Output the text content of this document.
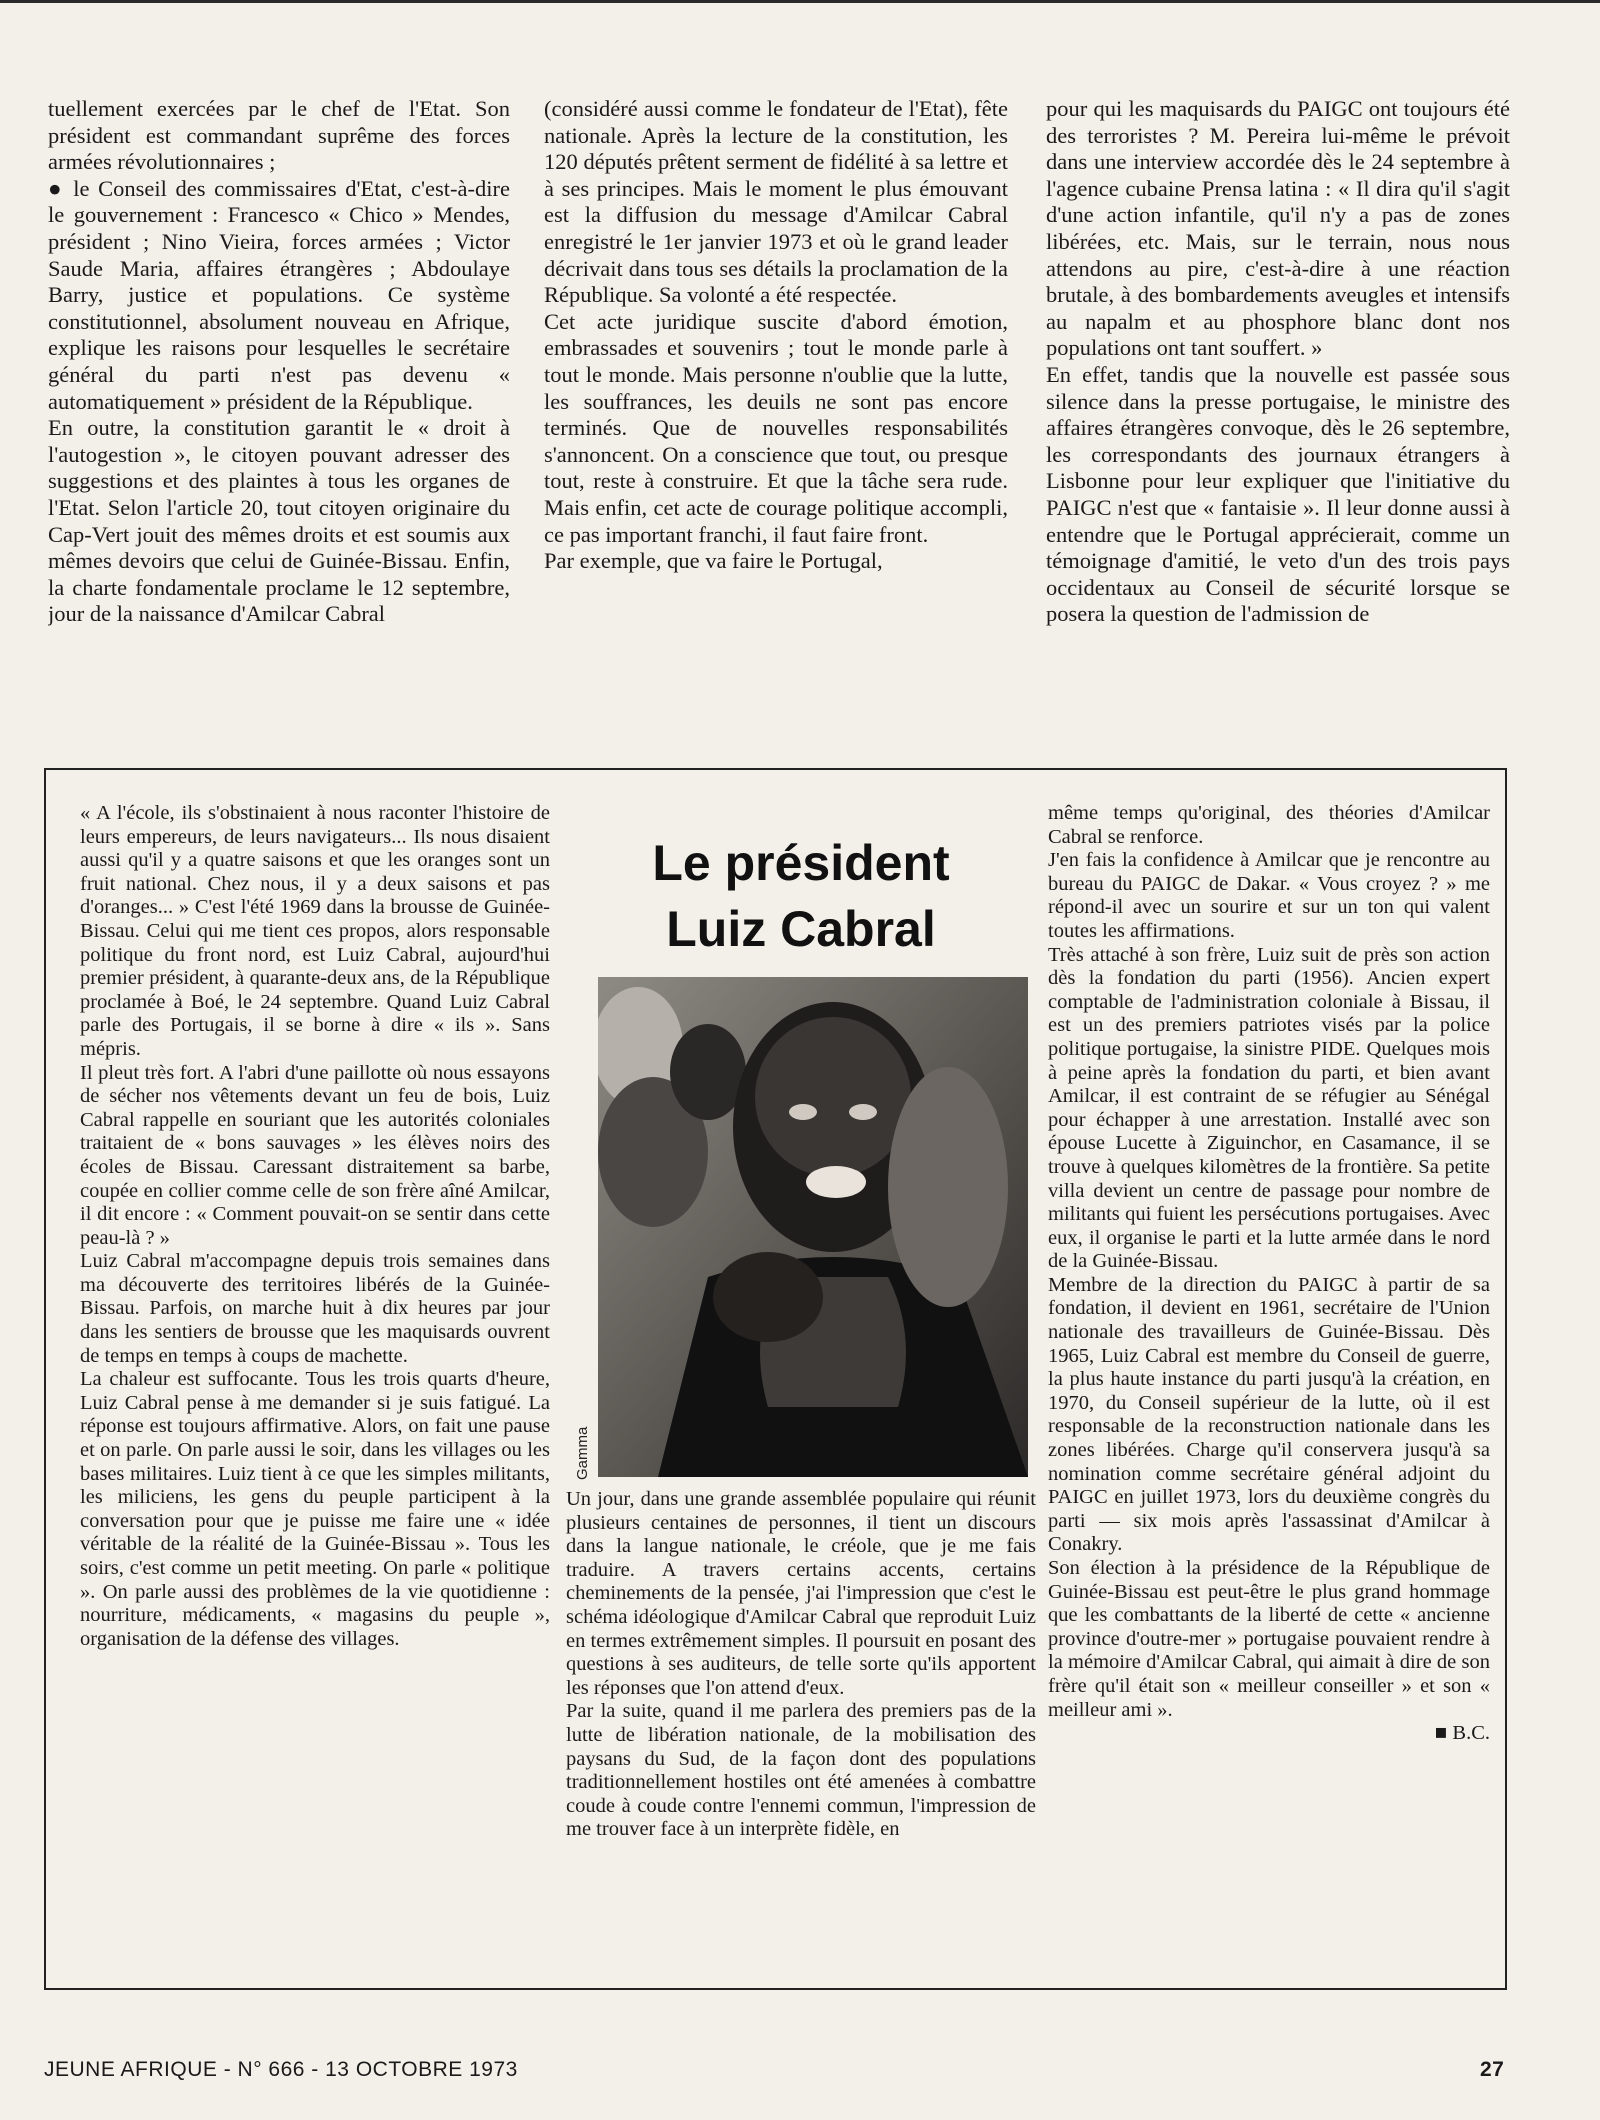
tuellement exercées par le chef de l'Etat. Son président est commandant suprême des forces armées révolutionnaires ;

● le Conseil des commissaires d'Etat, c'est-à-dire le gouvernement : Francesco « Chico » Mendes, président ; Nino Vieira, forces armées ; Victor Saude Maria, affaires étrangères ; Abdoulaye Barry, justice et populations. Ce système constitutionnel, absolument nouveau en Afrique, explique les raisons pour lesquelles le secrétaire général du parti n'est pas devenu « automatiquement » président de la République.

En outre, la constitution garantit le « droit à l'autogestion », le citoyen pouvant adresser des suggestions et des plaintes à tous les organes de l'Etat. Selon l'article 20, tout citoyen originaire du Cap-Vert jouit des mêmes droits et est soumis aux mêmes devoirs que celui de Guinée-Bissau. Enfin, la charte fondamentale proclame le 12 septembre, jour de la naissance d'Amilcar Cabral

(considéré aussi comme le fondateur de l'Etat), fête nationale. Après la lecture de la constitution, les 120 députés prêtent serment de fidélité à sa lettre et à ses principes. Mais le moment le plus émouvant est la diffusion du message d'Amilcar Cabral enregistré le 1er janvier 1973 et où le grand leader décrivait dans tous ses détails la proclamation de la République. Sa volonté a été respectée.

Cet acte juridique suscite d'abord émotion, embrassades et souvenirs ; tout le monde parle à tout le monde. Mais personne n'oublie que la lutte, les souffrances, les deuils ne sont pas encore terminés. Que de nouvelles responsabilités s'annoncent. On a conscience que tout, ou presque tout, reste à construire. Et que la tâche sera rude. Mais enfin, cet acte de courage politique accompli, ce pas important franchi, il faut faire front.

Par exemple, que va faire le Portugal,

pour qui les maquisards du PAIGC ont toujours été des terroristes ? M. Pereira lui-même le prévoit dans une interview accordée dès le 24 septembre à l'agence cubaine Prensa latina : « Il dira qu'il s'agit d'une action infantile, qu'il n'y a pas de zones libérées, etc. Mais, sur le terrain, nous nous attendons au pire, c'est-à-dire à une réaction brutale, à des bombardements aveugles et intensifs au napalm et au phosphore blanc dont nos populations ont tant souffert. »

En effet, tandis que la nouvelle est passée sous silence dans la presse portugaise, le ministre des affaires étrangères convoque, dès le 26 septembre, les correspondants des journaux étrangers à Lisbonne pour leur expliquer que l'initiative du PAIGC n'est que « fantaisie ». Il leur donne aussi à entendre que le Portugal apprécierait, comme un témoignage d'amitié, le veto d'un des trois pays occidentaux au Conseil de sécurité lorsque se posera la question de l'admission de

« A l'école, ils s'obstinaient à nous raconter l'histoire de leurs empereurs, de leurs navigateurs... Ils nous disaient aussi qu'il y a quatre saisons et que les oranges sont un fruit national. Chez nous, il y a deux saisons et pas d'oranges... » C'est l'été 1969 dans la brousse de Guinée-Bissau. Celui qui me tient ces propos, alors responsable politique du front nord, est Luiz Cabral, aujourd'hui premier président, à quarante-deux ans, de la République proclamée à Boé, le 24 septembre. Quand Luiz Cabral parle des Portugais, il se borne à dire « ils ». Sans mépris.

Il pleut très fort. A l'abri d'une paillotte où nous essayons de sécher nos vêtements devant un feu de bois, Luiz Cabral rappelle en souriant que les autorités coloniales traitaient de « bons sauvages » les élèves noirs des écoles de Bissau. Caressant distraitement sa barbe, coupée en collier comme celle de son frère aîné Amilcar, il dit encore : « Comment pouvait-on se sentir dans cette peau-là ? »

Luiz Cabral m'accompagne depuis trois semaines dans ma découverte des territoires libérés de la Guinée-Bissau. Parfois, on marche huit à dix heures par jour dans les sentiers de brousse que les maquisards ouvrent de temps en temps à coups de machette.

La chaleur est suffocante. Tous les trois quarts d'heure, Luiz Cabral pense à me demander si je suis fatigué. La réponse est toujours affirmative. Alors, on fait une pause et on parle. On parle aussi le soir, dans les villages ou les bases militaires. Luiz tient à ce que les simples militants, les miliciens, les gens du peuple participent à la conversation pour que je puisse me faire une « idée véritable de la réalité de la Guinée-Bissau ». Tous les soirs, c'est comme un petit meeting. On parle « politique ». On parle aussi des problèmes de la vie quotidienne : nourriture, médicaments, « magasins du peuple », organisation de la défense des villages.

Le président
Luiz Cabral
Gamma

Un jour, dans une grande assemblée populaire qui réunit plusieurs centaines de personnes, il tient un discours dans la langue nationale, le créole, que je me fais traduire. A travers certains accents, certains cheminements de la pensée, j'ai l'impression que c'est le schéma idéologique d'Amilcar Cabral que reproduit Luiz en termes extrêmement simples. Il poursuit en posant des questions à ses auditeurs, de telle sorte qu'ils apportent les réponses que l'on attend d'eux.

Par la suite, quand il me parlera des premiers pas de la lutte de libération nationale, de la mobilisation des paysans du Sud, de la façon dont des populations traditionnellement hostiles ont été amenées à combattre coude à coude contre l'ennemi commun, l'impression de me trouver face à un interprète fidèle, en

même temps qu'original, des théories d'Amilcar Cabral se renforce.

J'en fais la confidence à Amilcar que je rencontre au bureau du PAIGC de Dakar. « Vous croyez ? » me répond-il avec un sourire et sur un ton qui valent toutes les affirmations.

Très attaché à son frère, Luiz suit de près son action dès la fondation du parti (1956). Ancien expert comptable de l'administration coloniale à Bissau, il est un des premiers patriotes visés par la police politique portugaise, la sinistre PIDE. Quelques mois à peine après la fondation du parti, et bien avant Amilcar, il est contraint de se réfugier au Sénégal pour échapper à une arrestation. Installé avec son épouse Lucette à Ziguinchor, en Casamance, il se trouve à quelques kilomètres de la frontière. Sa petite villa devient un centre de passage pour nombre de militants qui fuient les persécutions portugaises. Avec eux, il organise le parti et la lutte armée dans le nord de la Guinée-Bissau.

Membre de la direction du PAIGC à partir de sa fondation, il devient en 1961, secrétaire de l'Union nationale des travailleurs de Guinée-Bissau. Dès 1965, Luiz Cabral est membre du Conseil de guerre, la plus haute instance du parti jusqu'à la création, en 1970, du Conseil supérieur de la lutte, où il est responsable de la reconstruction nationale dans les zones libérées. Charge qu'il conservera jusqu'à sa nomination comme secrétaire général adjoint du PAIGC en juillet 1973, lors du deuxième congrès du parti — six mois après l'assassinat d'Amilcar à Conakry.

Son élection à la présidence de la République de Guinée-Bissau est peut-être le plus grand hommage que les combattants de la liberté de cette « ancienne province d'outre-mer » portugaise pouvaient rendre à la mémoire d'Amilcar Cabral, qui aimait à dire de son frère qu'il était son « meilleur conseiller » et son « meilleur ami ».

■ B.C.

JEUNE AFRIQUE - N° 666 - 13 OCTOBRE 1973	27
